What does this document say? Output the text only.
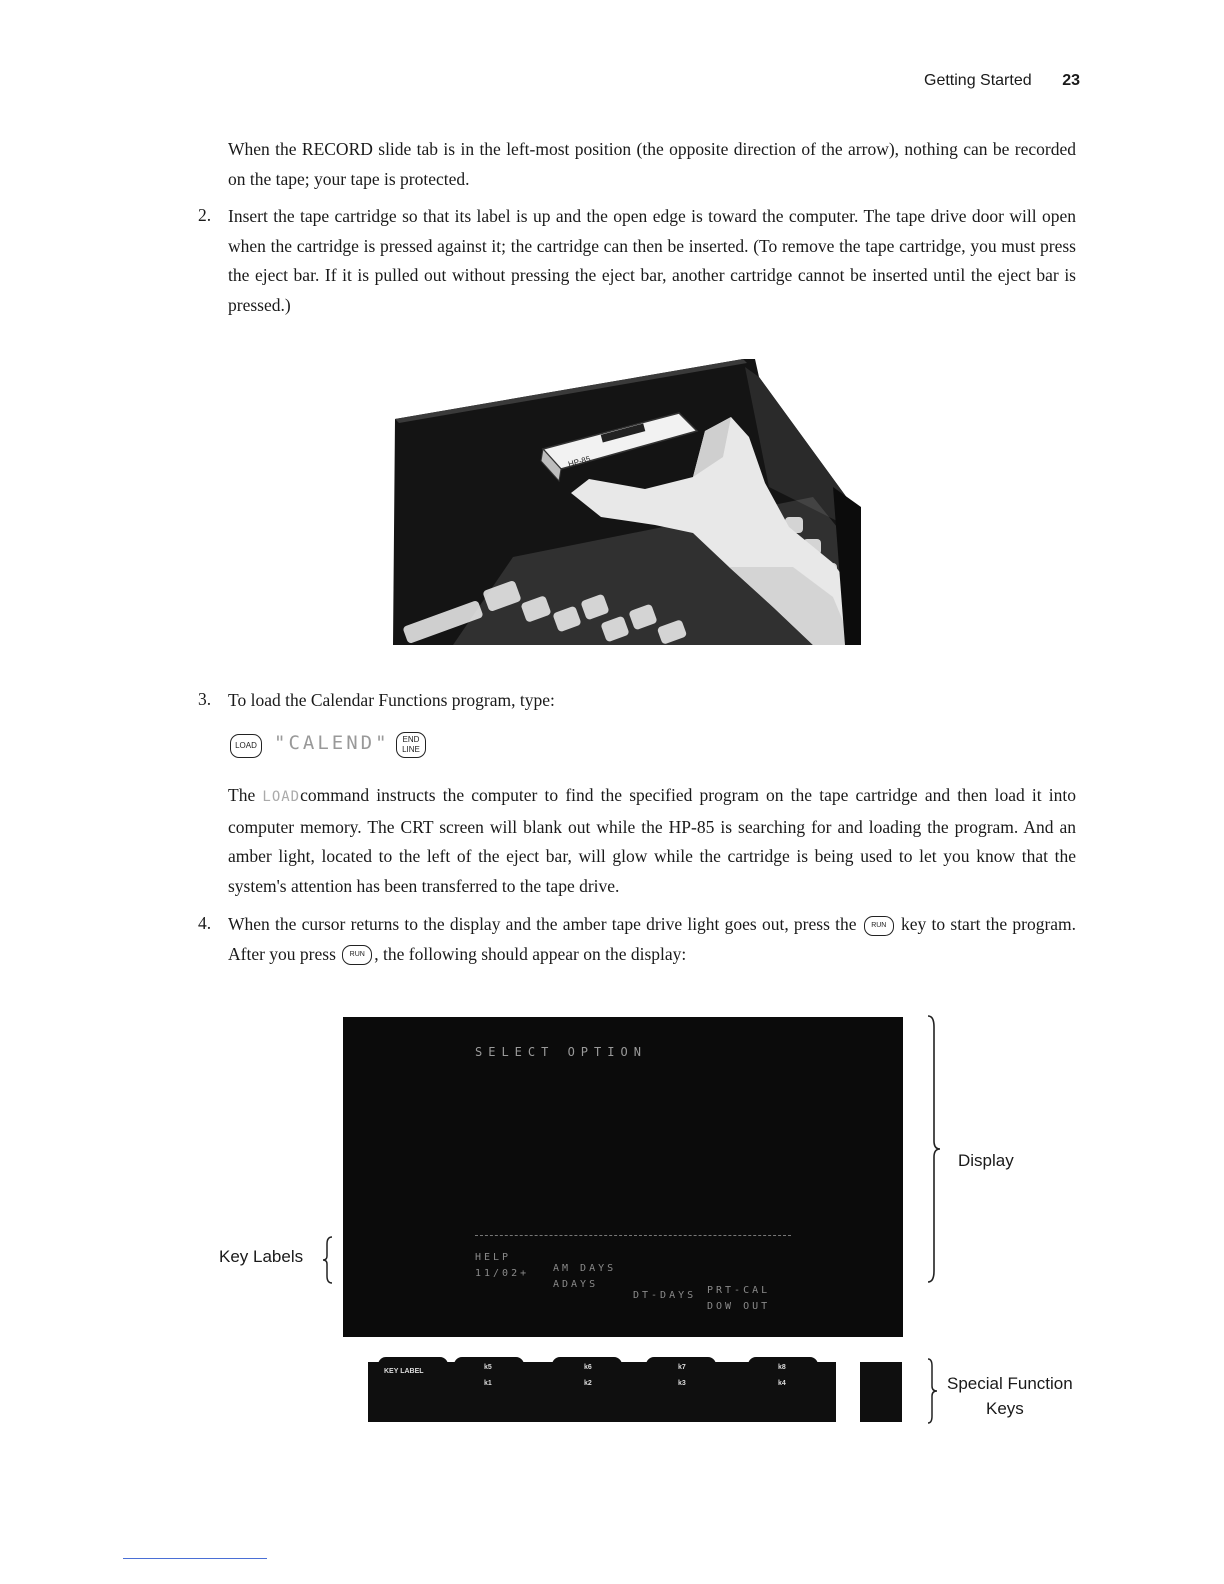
Getting Started 23
When the RECORD slide tab is in the left-most position (the opposite direction of the arrow), nothing can be recorded on the tape; your tape is protected.
2. Insert the tape cartridge so that its label is up and the open edge is toward the computer. The tape drive door will open when the cartridge is pressed against it; the cartridge can then be inserted. (To remove the tape cartridge, you must press the eject bar. If it is pulled out without pressing the eject bar, another cartridge cannot be inserted until the eject bar is pressed.)
HP-85
3. To load the Calendar Functions program, type:
LOAD "CALEND"	END
LINE
The LOADcommand instructs the computer to find the specified program on the tape cartridge and then load it into computer memory. The CRT screen will blank out while the HP-85 is searching for and loading the program. And an amber light, located to the left of the eject bar, will glow while the cartridge is being used to let you know that the system's attention has been transferred to the tape drive.
4. When the cursor returns to the display and the amber tape drive light goes out, press the RUN key to start the program. After you press RUN , the following should appear on the display:
SELECT OPTION

HELP

AM DAYS

PRT-CAL

11/02+

ADAYS

DT-DAYS

DOW OUT

KEY LABEL
k5	k6	k7	k8
k1	k2	k3	k4
Key Labels
Display
Special Function
Keys
